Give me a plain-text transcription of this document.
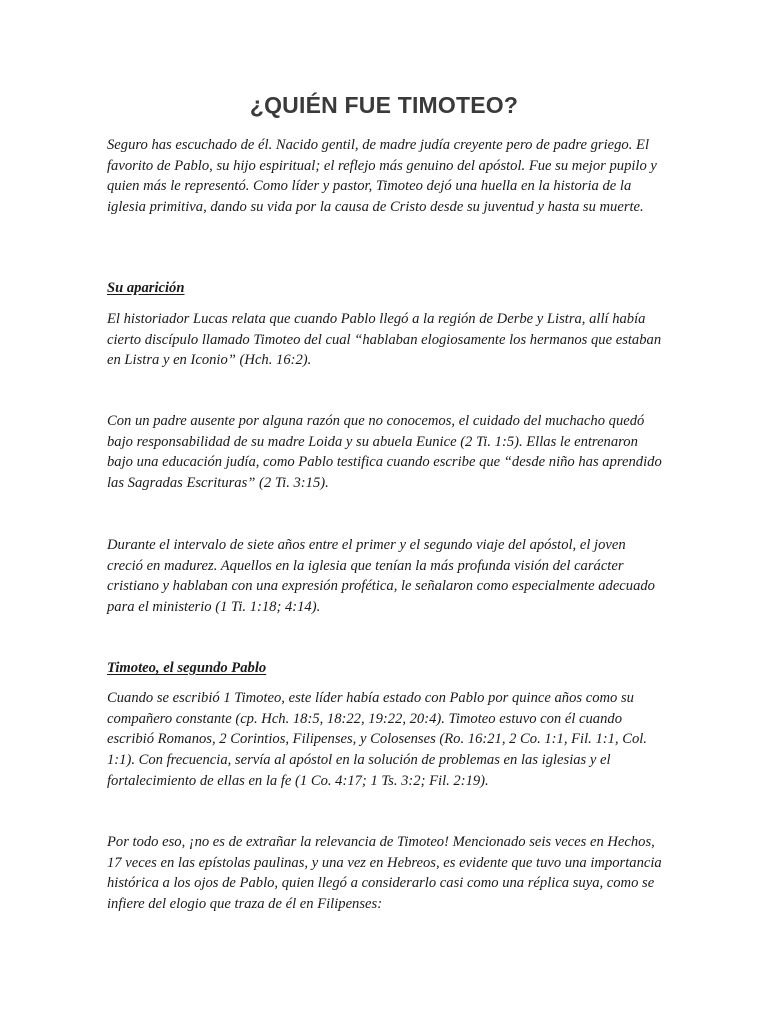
¿QUIÉN FUE TIMOTEO?

Seguro has escuchado de él. Nacido gentil, de madre judía creyente pero de padre griego. El favorito de Pablo, su hijo espiritual; el reflejo más genuino del apóstol. Fue su mejor pupilo y quien más le representó. Como líder y pastor, Timoteo dejó una huella en la historia de la iglesia primitiva, dando su vida por la causa de Cristo desde su juventud y hasta su muerte.

Su aparición

El historiador Lucas relata que cuando Pablo llegó a la región de Derbe y Listra, allí había cierto discípulo llamado Timoteo del cual “hablaban elogiosamente los hermanos que estaban en Listra y en Iconio” (Hch. 16:2).

Con un padre ausente por alguna razón que no conocemos, el cuidado del muchacho quedó bajo responsabilidad de su madre Loida y su abuela Eunice (2 Ti. 1:5). Ellas le entrenaron bajo una educación judía, como Pablo testifica cuando escribe que “desde niño has aprendido las Sagradas Escrituras” (2 Ti. 3:15).

Durante el intervalo de siete años entre el primer y el segundo viaje del apóstol, el joven creció en madurez. Aquellos en la iglesia que tenían la más profunda visión del carácter cristiano y hablaban con una expresión profética, le señalaron como especialmente adecuado para el ministerio (1 Ti. 1:18; 4:14).

Timoteo, el segundo Pablo

Cuando se escribió 1 Timoteo, este líder había estado con Pablo por quince años como su compañero constante (cp. Hch. 18:5, 18:22, 19:22, 20:4). Timoteo estuvo con él cuando escribió Romanos, 2 Corintios, Filipenses, y Colosenses (Ro. 16:21, 2 Co. 1:1, Fil. 1:1, Col. 1:1). Con frecuencia, servía al apóstol en la solución de problemas en las iglesias y el fortalecimiento de ellas en la fe (1 Co. 4:17; 1 Ts. 3:2; Fil. 2:19).

Por todo eso, ¡no es de extrañar la relevancia de Timoteo! Mencionado seis veces en Hechos, 17 veces en las epístolas paulinas, y una vez en Hebreos, es evidente que tuvo una importancia histórica a los ojos de Pablo, quien llegó a considerarlo casi como una réplica suya, como se infiere del elogio que traza de él en Filipenses:
